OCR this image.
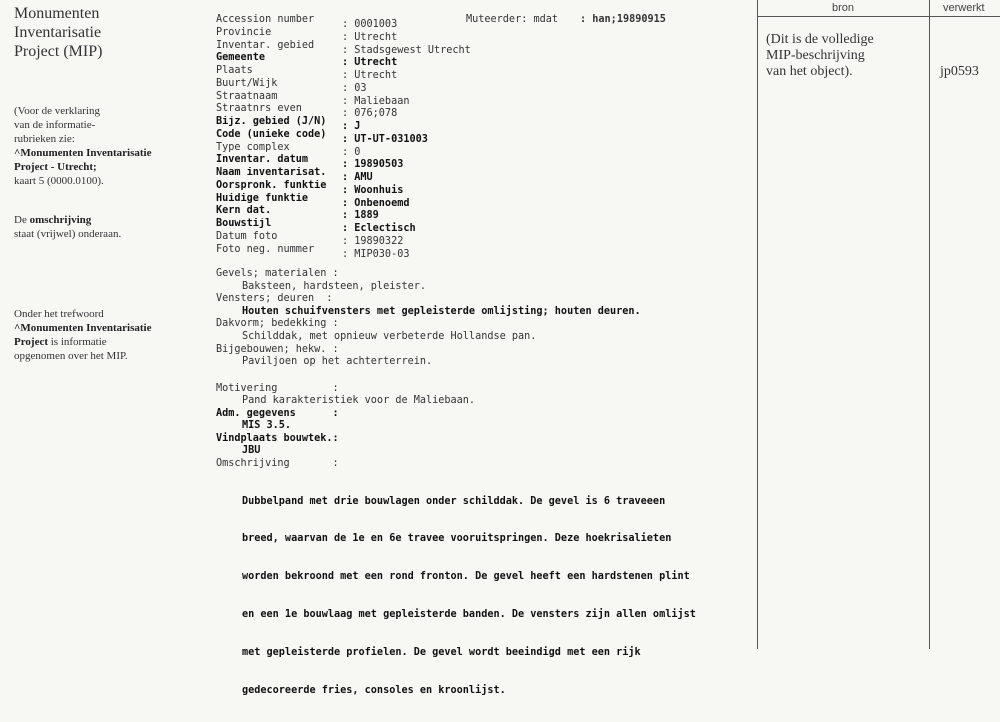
Monumenten
Inventarisatie
Project (MIP)
(Voor de verklaring
van de informatie-
rubrieken zie:
^Monumenten Inventarisatie
Project - Utrecht;
kaart 5 (0000.0100).
De omschrijving
staat (vrijwel) onderaan.
Onder het trefwoord
^Monumenten Inventarisatie
Project is informatie
opgenomen over het MIP.
Accession number	: 0001003	Muteerder: mdat : han;19890915
Provincie	: Utrecht
Inventar. gebied	: Stadsgewest Utrecht
Gemeente	: Utrecht
Plaats	: Utrecht
Buurt/Wijk	: 03
Straatnaam	: Maliebaan
Straatnrs even	: 076;078
Bijz. gebied (J/N) : J
Code (unieke code) : UT-UT-031003
Type complex	: 0
Inventar. datum	: 19890503
Naam inventarisat. : AMU
Oorspronk. funktie : Woonhuis
Huidige funktie	: Onbenoemd
Kern dat.	: 1889
Bouwstijl	: Eclectisch
Datum foto	: 19890322
Foto neg. nummer	: MIP030-03
Gevels; materialen :
Baksteen, hardsteen, pleister.
Vensters; deuren  :
Houten schuifvensters met gepleisterde omlijsting; houten deuren.
Dakvorm; bedekking :
Schilddak, met opnieuw verbeterde Hollandse pan.
Bijgebouwen; hekw. :
Paviljoen op het achterterrein.
Motivering         :
Pand karakteristiek voor de Maliebaan.
Adm. gegevens      :
MIS 3.5.
Vindplaats bouwtek.:
JBU
Omschrijving       :

Dubbelpand met drie bouwlagen onder schilddak. De gevel is 6 traveeen

breed, waarvan de 1e en 6e travee vooruitspringen. Deze hoekrisalieten

worden bekroond met een rond fronton. De gevel heeft een hardstenen plint

en een 1e bouwlaag met gepleisterde banden. De vensters zijn allen omlijst

met gepleisterde profielen. De gevel wordt beeindigd met een rijk

gedecoreerde fries, consoles en kroonlijst.

bron	verwerkt
(Dit is de volledige
MIP-beschrijving
van het object).	jp0593
